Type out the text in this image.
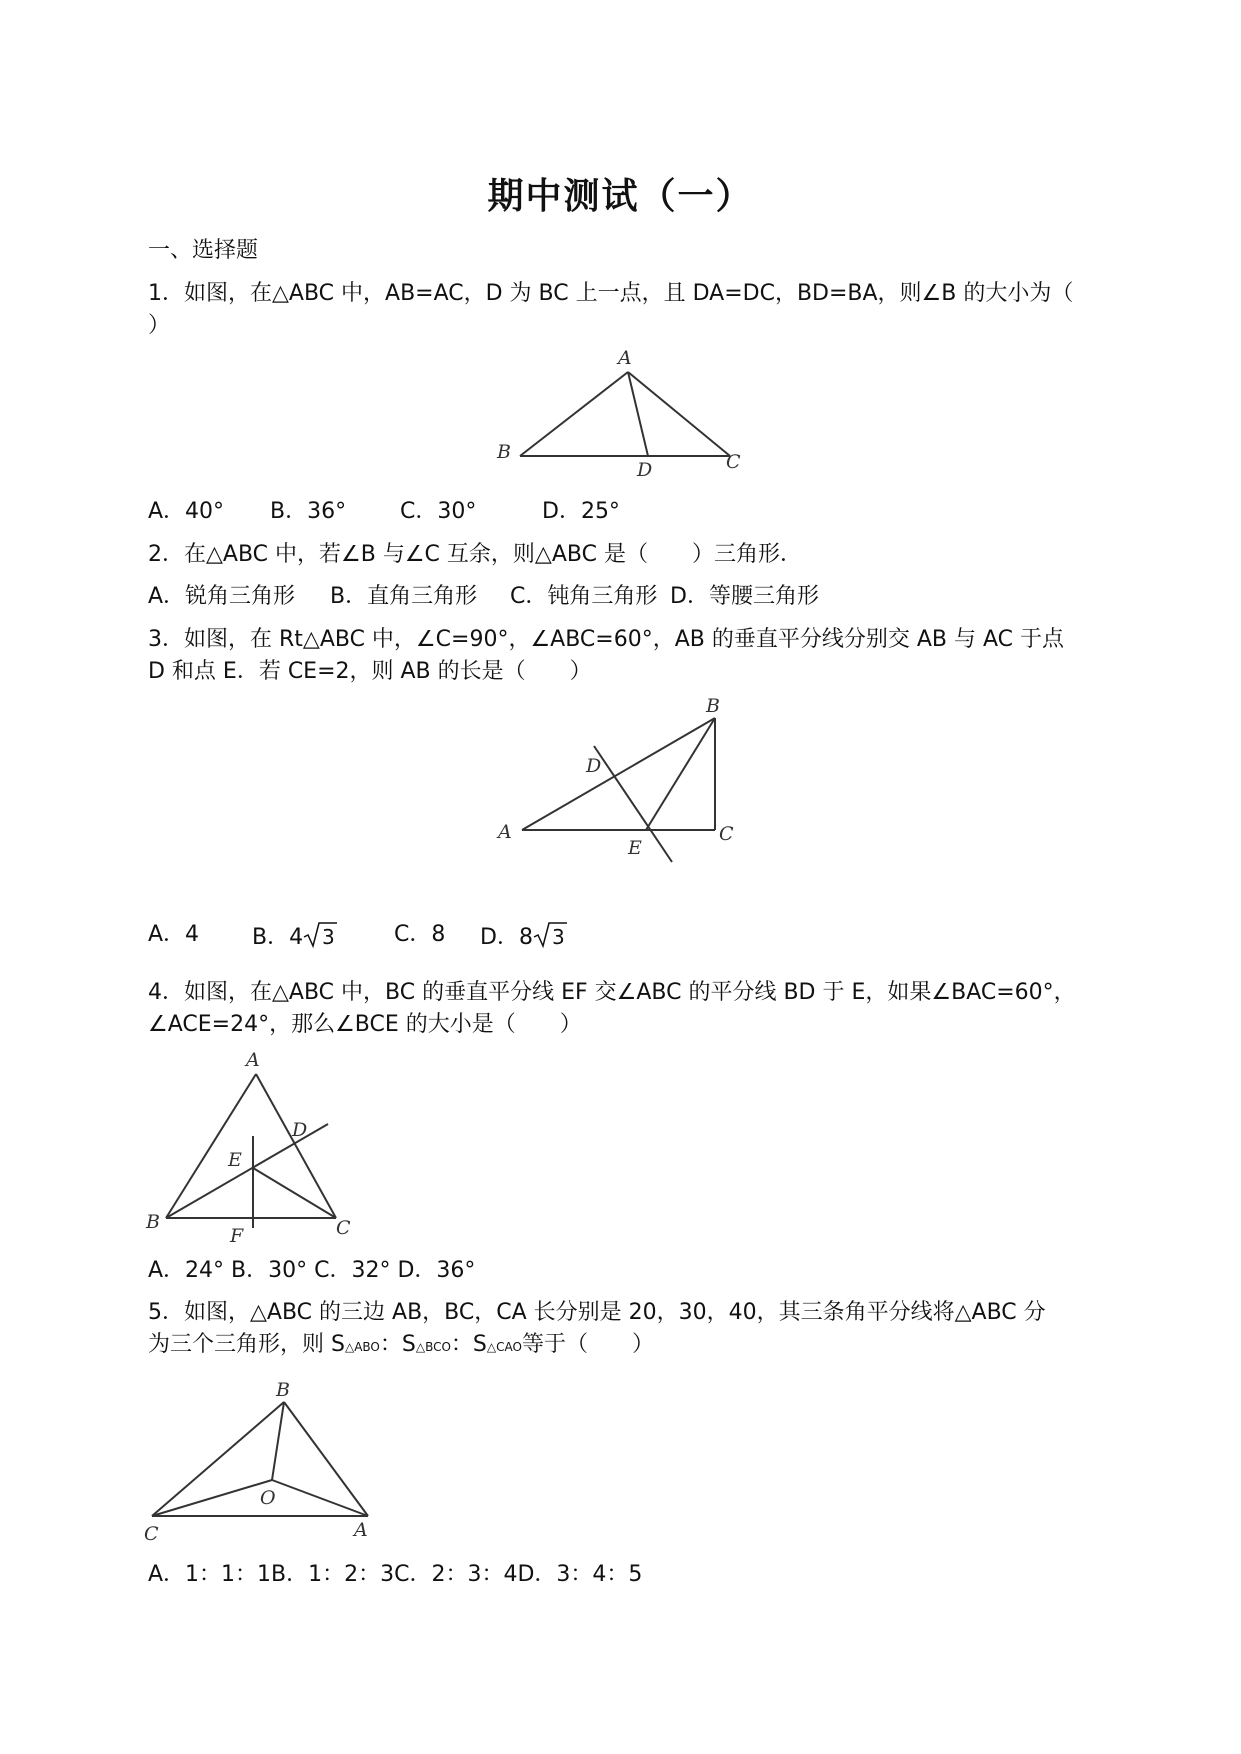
期中测试（一）
一、选择题
1．如图，在△ABC 中，AB=AC，D 为 BC 上一点，且 DA=DC，BD=BA，则∠B 的大小为（
）
A
B
D	C
A．40° B．36° C．30°	D．25°
2．在△ABC 中，若∠B 与∠C 互余，则△ABC 是（　　）三角形．
A．锐角三角形 B．直角三角形 C．钝角三角形 D．等腰三角形
3．如图，在 Rt△ABC 中，∠C=90°，∠ABC=60°，AB 的垂直平分线分别交 AB 与 AC 于点
D 和点 E．若 CE=2，则 AB 的长是（　　）
B
D
A
E
C
A．4 B．4 3	C．8 D．8 3
4．如图，在△ABC 中，BC 的垂直平分线 EF 交∠ABC 的平分线 BD 于 E，如果∠BAC=60°，
∠ACE=24°，那么∠BCE 的大小是（　　）
A
D
E
B
F	C
A．24° B．30° C．32° D．36°
5．如图，△ABC 的三边 AB，BC，CA 长分别是 20，30，40，其三条角平分线将△ABC 分
为三个三角形，则 S△ABO：S△BCO：S△CAO等于（　　）
B
O
C	A
A．1：1：1B．1：2：3C．2：3：4D．3：4：5
